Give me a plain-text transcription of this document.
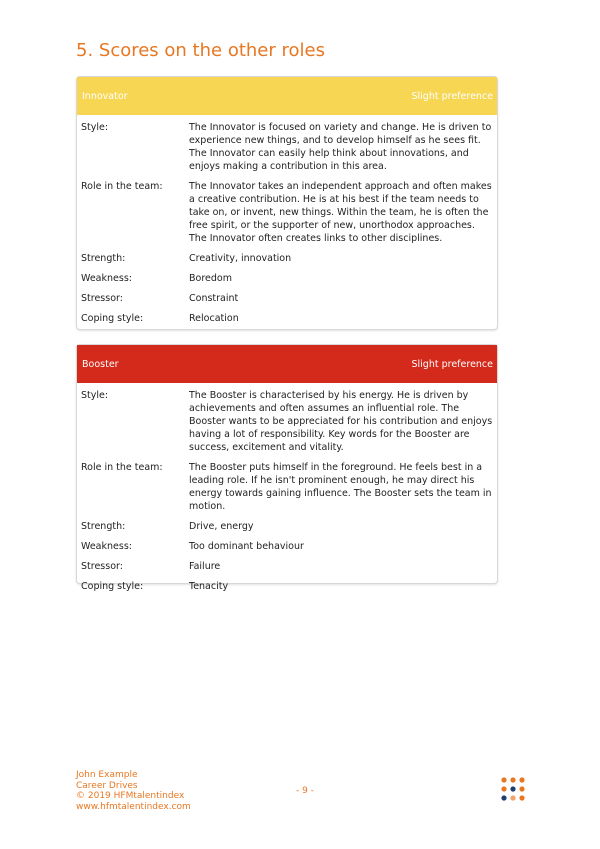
5. Scores on the other roles
Innovator	Slight preference
Style:	The Innovator is focused on variety and change. He is driven to experience new things, and to develop himself as he sees fit. The Innovator can easily help think about innovations, and enjoys making a contribution in this area.
Role in the team:	The Innovator takes an independent approach and often makes a creative contribution. He is at his best if the team needs to take on, or invent, new things. Within the team, he is often the free spirit, or the supporter of new, unorthodox approaches. The Innovator often creates links to other disciplines.
Strength:	Creativity, innovation
Weakness:	Boredom
Stressor:	Constraint
Coping style:	Relocation
Booster	Slight preference
Style:	The Booster is characterised by his energy. He is driven by achievements and often assumes an influential role. The Booster wants to be appreciated for his contribution and enjoys having a lot of responsibility. Key words for the Booster are success, excitement and vitality.
Role in the team:	The Booster puts himself in the foreground. He feels best in a leading role. If he isn't prominent enough, he may direct his energy towards gaining influence. The Booster sets the team in motion.
Strength:	Drive, energy
Weakness:	Too dominant behaviour
Stressor:	Failure
Coping style:	Tenacity
John Example
Career Drives
© 2019 HFMtalentindex
www.hfmtalentindex.com
- 9 -
